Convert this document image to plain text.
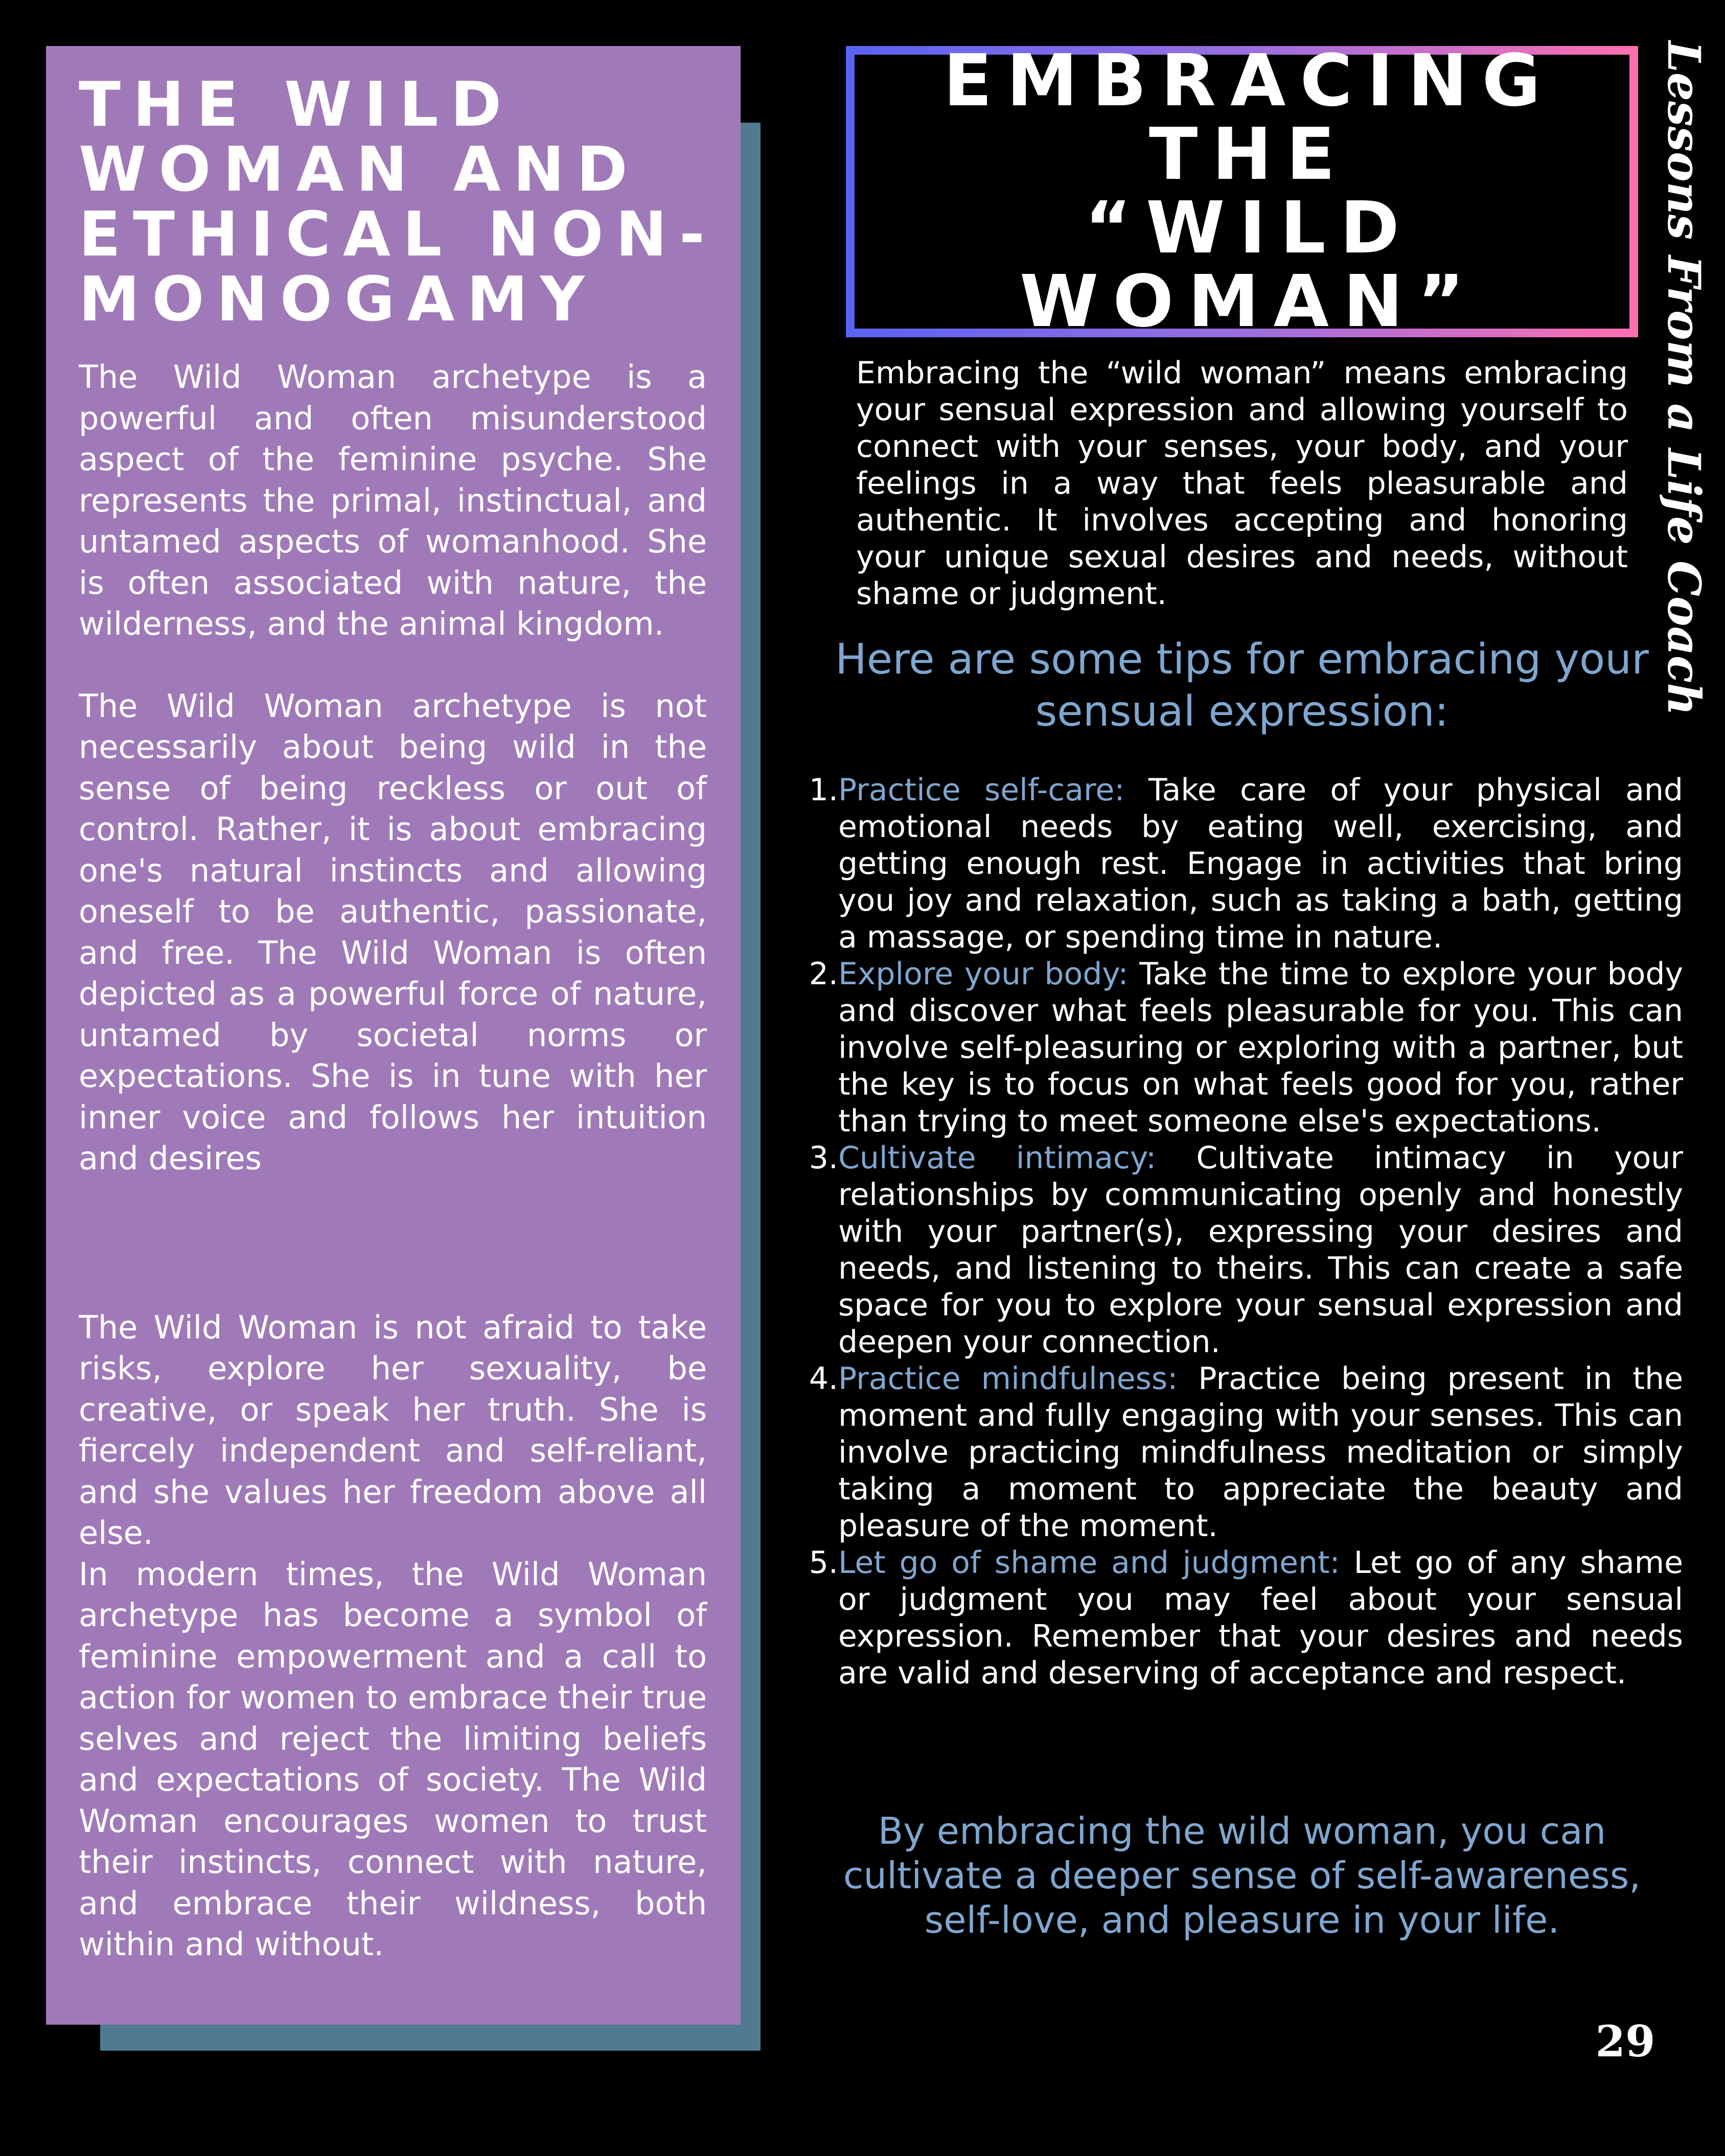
THE WILD WOMAN AND ETHICAL NON-MONOGAMY

The Wild Woman archetype is a powerful and often misunderstood aspect of the feminine psyche. She represents the primal, instinctual, and untamed aspects of womanhood. She is often associated with nature, the wilderness, and the animal kingdom.

The Wild Woman archetype is not necessarily about being wild in the sense of being reckless or out of control. Rather, it is about embracing one's natural instincts and allowing oneself to be authentic, passionate, and free. The Wild Woman is often depicted as a powerful force of nature, untamed by societal norms or expectations. She is in tune with her inner voice and follows her intuition and desires

The Wild Woman is not afraid to take risks, explore her sexuality, be creative, or speak her truth. She is fiercely independent and self-reliant, and she values her freedom above all else.

In modern times, the Wild Woman archetype has become a symbol of feminine empowerment and a call to action for women to embrace their true selves and reject the limiting beliefs and expectations of society. The Wild Woman encourages women to trust their instincts, connect with nature, and embrace their wildness, both within and without.

EMBRACING THE
“WILD WOMAN”

Embracing the “wild woman” means embracing your sensual expression and allowing yourself to connect with your senses, your body, and your feelings in a way that feels pleasurable and authentic. It involves accepting and honoring your unique sexual desires and needs, without shame or judgment.

Here are some tips for embracing your sensual expression:
1. Practice self-care: Take care of your physical and emotional needs by eating well, exercising, and getting enough rest. Engage in activities that bring you joy and relaxation, such as taking a bath, getting a massage, or spending time in nature.
2. Explore your body: Take the time to explore your body and discover what feels pleasurable for you. This can involve self-pleasuring or exploring with a partner, but the key is to focus on what feels good for you, rather than trying to meet someone else's expectations.
3. Cultivate intimacy: Cultivate intimacy in your relationships by communicating openly and honestly with your partner(s), expressing your desires and needs, and listening to theirs. This can create a safe space for you to explore your sensual expression and deepen your connection.
4. Practice mindfulness: Practice being present in the moment and fully engaging with your senses. This can involve practicing mindfulness meditation or simply taking a moment to appreciate the beauty and pleasure of the moment.
5. Let go of shame and judgment: Let go of any shame or judgment you may feel about your sensual expression. Remember that your desires and needs are valid and deserving of acceptance and respect.
By embracing the wild woman, you can cultivate a deeper sense of self-awareness, self-love, and pleasure in your life.
Lessons From a Life Coach
29
